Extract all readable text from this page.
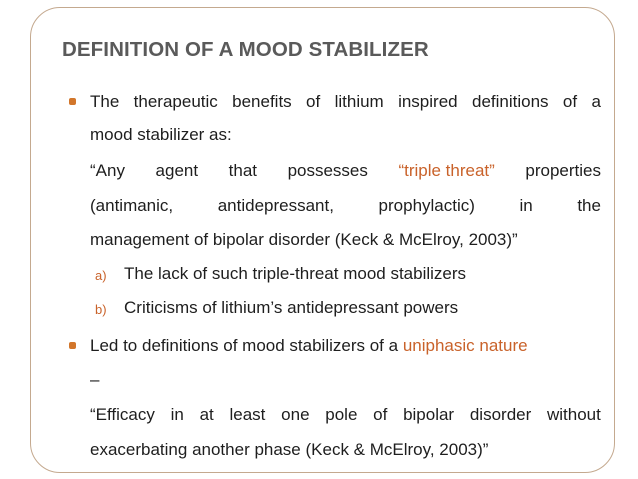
DEFINITION OF A MOOD STABILIZER
The therapeutic benefits of lithium inspired definitions of a
mood stabilizer as:
“Any agent that possesses “triple threat” properties
(antimanic,	antidepressant,	prophylactic)	in	the
management of bipolar disorder (Keck & McElroy, 2003)”
a) The lack of such triple-threat mood stabilizers
b) Criticisms of lithium’s antidepressant powers
Led to definitions of mood stabilizers of a uniphasic nature
–
“Efficacy in at least one pole of bipolar disorder without
exacerbating another phase (Keck & McElroy, 2003)”
